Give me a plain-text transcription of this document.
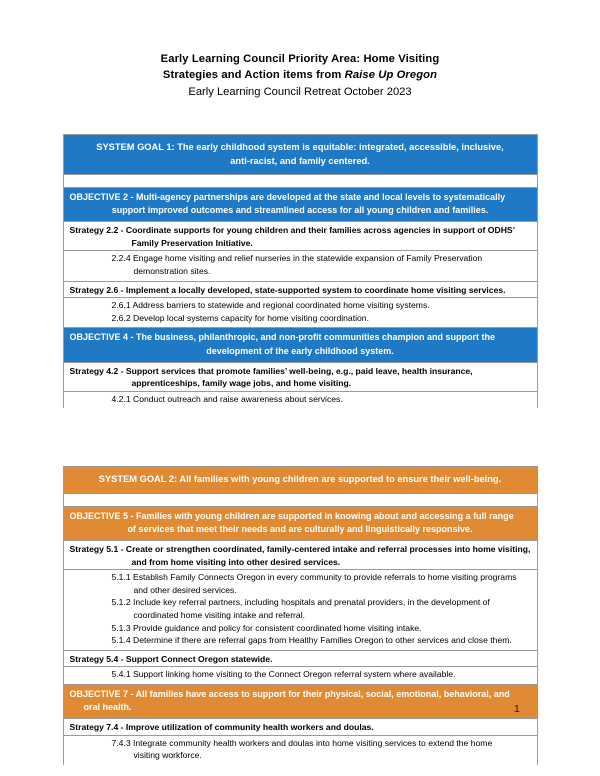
Early Learning Council Priority Area: Home Visiting
Strategies and Action items from Raise Up Oregon
Early Learning Council Retreat October 2023
SYSTEM GOAL 1: The early childhood system is equitable: integrated, accessible, inclusive, anti-racist, and family centered.

OBJECTIVE 2 - Multi-agency partnerships are developed at the state and local levels to systematically
support improved outcomes and streamlined access for all young children and families.

Strategy 2.2 - Coordinate supports for young children and their families across agencies in support of ODHS’
Family Preservation Initiative.

2.2.4 Engage home visiting and relief nurseries in the statewide expansion of Family Preservation
demonstration sites.

Strategy 2.6 - Implement a locally developed, state-supported system to coordinate home visiting services.

2.6.1 Address barriers to statewide and regional coordinated home visiting systems.
2.6.2 Develop local systems capacity for home visiting coordination.

OBJECTIVE 4 - The business, philanthropic, and non-profit communities champion and support the
development of the early childhood system.

Strategy 4.2 - Support services that promote families’ well-being, e.g., paid leave, health insurance,
apprenticeships, family wage jobs, and home visiting.

4.2.1 Conduct outreach and raise awareness about services.
SYSTEM GOAL 2: All families with young children are supported to ensure their well-being.

OBJECTIVE 5 - Families with young children are supported in knowing about and accessing a full range
of services that meet their needs and are culturally and linguistically responsive.

Strategy 5.1 - Create or strengthen coordinated, family-centered intake and referral processes into home visiting,
and from home visiting into other desired services.

5.1.1 Establish Family Connects Oregon in every community to provide referrals to home visiting programs
and other desired services.
5.1.2 Include key referral partners, including hospitals and prenatal providers, in the development of
coordinated home visiting intake and referral.
5.1.3 Provide guidance and policy for consistent coordinated home visiting intake.
5.1.4 Determine if there are referral gaps from Healthy Families Oregon to other services and close them.

Strategy 5.4 - Support Connect Oregon statewide.

5.4.1 Support linking home visiting to the Connect Oregon referral system where available.

OBJECTIVE 7 - All families have access to support for their physical, social, emotional, behavioral, and
oral health.

Strategy 7.4 - Improve utilization of community health workers and doulas.

7.4.3 Integrate community health workers and doulas into home visiting services to extend the home
visiting workforce.
1
